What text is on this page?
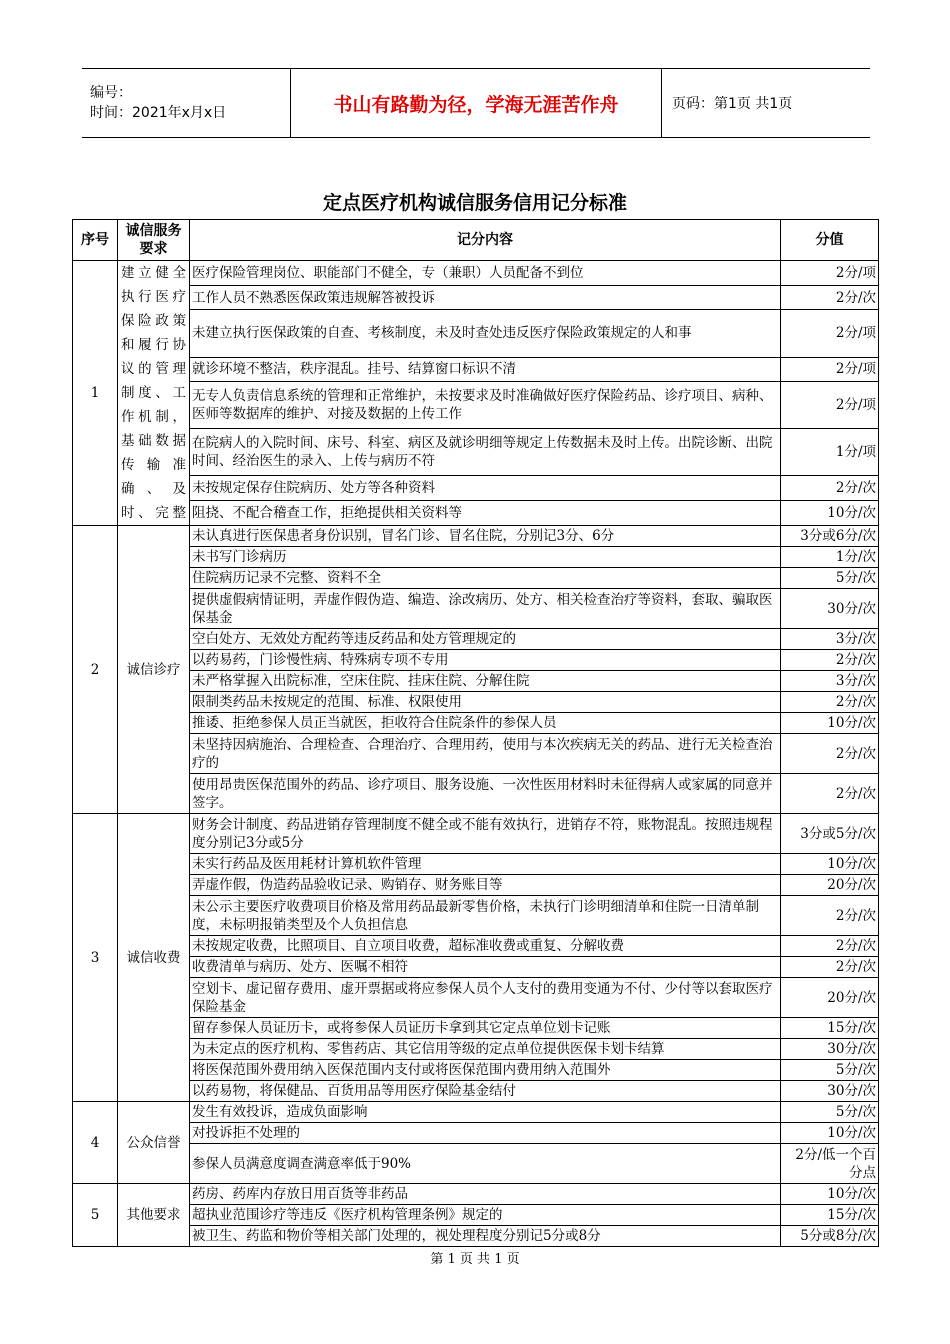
编号：
时间：2021年x月x日	书山有路勤为径，学海无涯苦作舟	页码：第1页 共1页
定点医疗机构诚信服务信用记分标准
序号	诚信服务要求	记分内容	分值
1	建立健全执行医疗保险政策和履行协议的管理制度、工作机制，基础数据传输准确、及时、完整	医疗保险管理岗位、职能部门不健全，专（兼职）人员配备不到位	2分/项
		工作人员不熟悉医保政策违规解答被投诉	2分/次
		未建立执行医保政策的自查、考核制度，未及时查处违反医疗保险政策规定的人和事	2分/项
		就诊环境不整洁，秩序混乱。挂号、结算窗口标识不清	2分/项
		无专人负责信息系统的管理和正常维护，未按要求及时准确做好医疗保险药品、诊疗项目、病种、医师等数据库的维护、对接及数据的上传工作	2分/项
		在院病人的入院时间、床号、科室、病区及就诊明细等规定上传数据未及时上传。出院诊断、出院时间、经治医生的录入、上传与病历不符	1分/项
		未按规定保存住院病历、处方等各种资料	2分/次
		阻挠、不配合稽查工作，拒绝提供相关资料等	10分/次
2	诚信诊疗	未认真进行医保患者身份识别，冒名门诊、冒名住院，分别记3分、6分	3分或6分/次
		未书写门诊病历	1分/次
		住院病历记录不完整、资料不全	5分/次
		提供虚假病情证明，弄虚作假伪造、编造、涂改病历、处方、相关检查治疗等资料，套取、骗取医保基金	30分/次
		空白处方、无效处方配药等违反药品和处方管理规定的	3分/次
		以药易药，门诊慢性病、特殊病专项不专用	2分/次
		未严格掌握入出院标准，空床住院、挂床住院、分解住院	3分/次
		限制类药品未按规定的范围、标准、权限使用	2分/次
		推诿、拒绝参保人员正当就医，拒收符合住院条件的参保人员	10分/次
		未坚持因病施治、合理检查、合理治疗、合理用药，使用与本次疾病无关的药品、进行无关检查治疗的	2分/次
		使用昂贵医保范围外的药品、诊疗项目、服务设施、一次性医用材料时未征得病人或家属的同意并签字。	2分/次
3	诚信收费	财务会计制度、药品进销存管理制度不健全或不能有效执行，进销存不符，账物混乱。按照违规程度分别记3分或5分	3分或5分/次
		未实行药品及医用耗材计算机软件管理	10分/次
		弄虚作假，伪造药品验收记录、购销存、财务账目等	20分/次
		未公示主要医疗收费项目价格及常用药品最新零售价格，未执行门诊明细清单和住院一日清单制度，未标明报销类型及个人负担信息	2分/次
		未按规定收费，比照项目、自立项目收费，超标准收费或重复、分解收费	2分/次
		收费清单与病历、处方、医嘱不相符	2分/次
		空划卡、虚记留存费用、虚开票据或将应参保人员个人支付的费用变通为不付、少付等以套取医疗保险基金	20分/次
		留存参保人员证历卡，或将参保人员证历卡拿到其它定点单位划卡记账	15分/次
		为未定点的医疗机构、零售药店、其它信用等级的定点单位提供医保卡划卡结算	30分/次
		将医保范围外费用纳入医保范围内支付或将医保范围内费用纳入范围外	5分/次
		以药易物，将保健品、百货用品等用医疗保险基金结付	30分/次
4	公众信誉	发生有效投诉，造成负面影响	5分/次
		对投诉拒不处理的	10分/次
		参保人员满意度调查满意率低于90%	2分/低一个百分点
5	其他要求	药房、药库内存放日用百货等非药品	10分/次
		超执业范围诊疗等违反《医疗机构管理条例》规定的	15分/次
		被卫生、药监和物价等相关部门处理的，视处理程度分别记5分或8分	5分或8分/次
第 1 页 共 1 页
